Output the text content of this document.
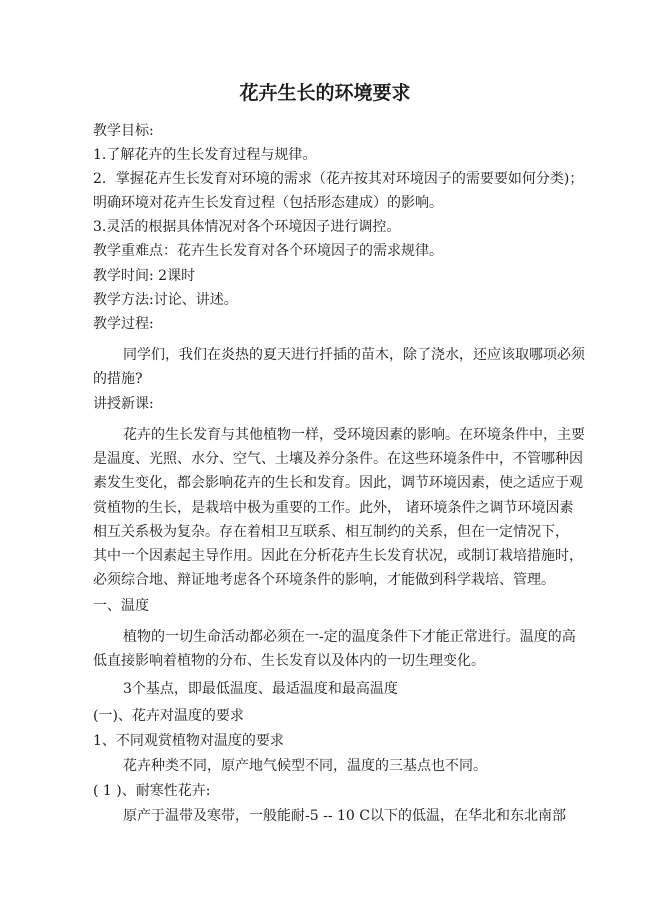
花卉生长的环境要求
教学目标:
1.了解花卉的生长发育过程与规律。
2．掌握花卉生长发育对环境的需求（花卉按其对环境因子的需要要如何分类)；
明确环境对花卉生长发育过程（包括形态建成）的影响。
3.灵活的根据具体情况对各个环境因子进行调控。
教学重难点：花卉生长发育对各个环境因子的需求规律。
教学时间: 2课时
教学方法:讨论、讲述。
教学过程:
同学们，我们在炎热的夏天进行扦插的苗木，除了浇水，还应该取哪项必须
的措施?
讲授新课:
花卉的生长发育与其他植物一样，受环境因素的影响。在环境条件中，主要
是温度、光照、水分、空气、土壤及养分条件。在这些环境条件中，不管哪种因
素发生变化，都会影响花卉的生长和发育。因此，调节环境因素，使之适应于观
赏植物的生长，是栽培中极为重要的工作。此外， 诸环境条件之调节环境因素
相互关系极为复杂。存在着相卫互联系、相互制约的关系，但在一定情况下，
其中一个因素起主导作用。因此在分析花卉生长发育状况，或制订栽培措施时，
必须综合地、辩证地考虑各个环境条件的影响，才能做到科学栽培、管理。
一、温度
植物的一切生命活动都必须在一-定的温度条件下才能正常进行。温度的高
低直接影响着植物的分布、生长发育以及体内的一切生理变化。
3个基点，即最低温度、最适温度和最高温度
(一)、花卉对温度的要求
1、不同观赏植物对温度的要求
花卉种类不同，原产地气候型不同，温度的三基点也不同。
( 1 )、耐寒性花卉:
原产于温带及寒带，一般能耐-5 -- 10 C以下的低温，在华北和东北南部
